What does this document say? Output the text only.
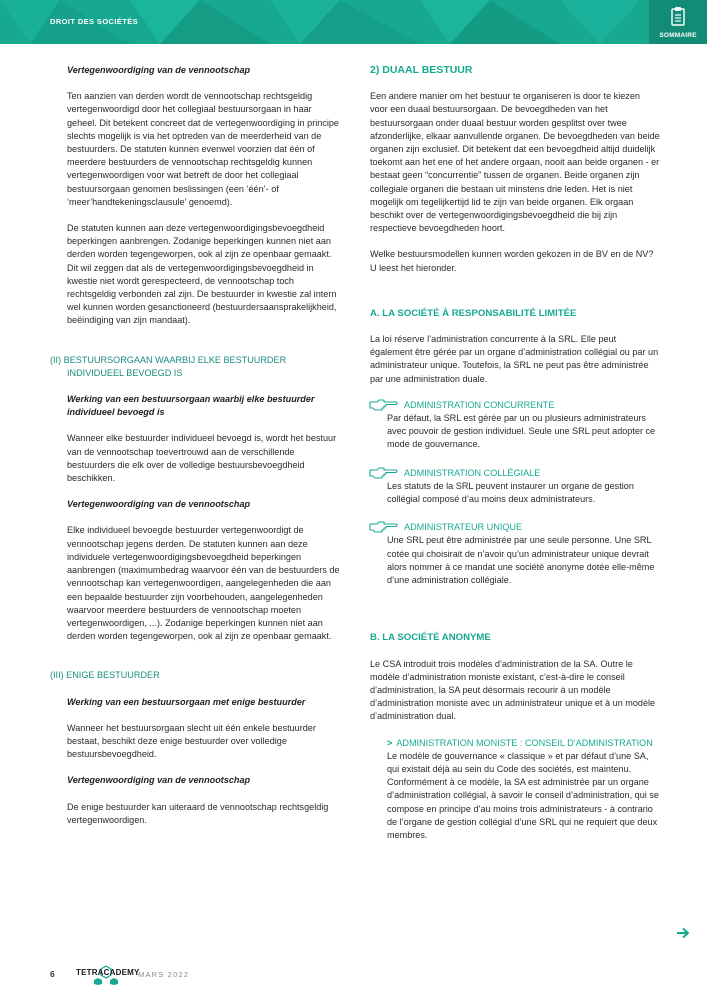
DROIT DES SOCIÉTÉS
SOMMAIRE
Vertegenwoordiging van de vennootschap
Ten aanzien van derden wordt de vennootschap rechtsgeldig vertegenwoordigd door het collegiaal bestuursorgaan in haar geheel. Dit betekent concreet dat de vertegenwoordiging in principe slechts mogelijk is via het optreden van de meerderheid van de bestuurders. De statuten kunnen evenwel voorzien dat één of meerdere bestuurders de vennootschap rechtsgeldig kunnen vertegenwoordigen voor wat betreft de door het collegiaal bestuursorgaan genomen beslissingen (een ‘één’- of ‘meer’handtekeningsclausule’ genoemd).
De statuten kunnen aan deze vertegenwoordigingsbevoegdheid beperkingen aanbrengen. Zodanige beperkingen kunnen niet aan derden worden tegengeworpen, ook al zijn ze openbaar gemaakt. Dit wil zeggen dat als de vertegenwoordigingsbevoegdheid in kwestie niet wordt gerespecteerd, de vennootschap toch rechtsgeldig verbonden zal zijn. De bestuurder in kwestie zal intern wel kunnen worden gesanctioneerd (bestuurdersaansprakelijkheid, beëindiging van zijn mandaat).
(II) BESTUURSORGAAN WAARBIJ ELKE BESTUURDER INDIVIDUEEL BEVOEGD IS
Werking van een bestuursorgaan waarbij elke bestuurder individueel bevoegd is
Wanneer elke bestuurder individueel bevoegd is, wordt het bestuur van de vennootschap toevertrouwd aan de verschillende bestuurders die elk over de volledige bestuursbevoegdheid beschikken.
Vertegenwoordiging van de vennootschap
Elke individueel bevoegde bestuurder vertegenwoordigt de vennootschap jegens derden. De statuten kunnen aan deze individuele vertegenwoordigingsbevoegdheid beperkingen aanbrengen (maximumbedrag waarvoor één van de bestuurders de vennootschap kan vertegenwoordigen, aangelegenheden die aan een bepaalde bestuurder zijn voorbehouden, aangelegenheden waarvoor meerdere bestuurders de vennootschap moeten vertegenwoordigen, ...). Zodanige beperkingen kunnen niet aan derden worden tegengeworpen, ook al zijn ze openbaar gemaakt.
(III) ENIGE BESTUURDER
Werking van een bestuursorgaan met enige bestuurder
Wanneer het bestuursorgaan slecht uit één enkele bestuurder bestaat, beschikt deze enige bestuurder over volledige bestuursbevoegdheid.
Vertegenwoordiging van de vennootschap
De enige bestuurder kan uiteraard de vennootschap rechtsgeldig vertegenwoordigen.
2) DUAAL BESTUUR
Een andere manier om het bestuur te organiseren is door te kiezen voor een duaal bestuursorgaan. De bevoegdheden van het bestuursorgaan onder duaal bestuur worden gesplitst over twee afzonderlijke, elkaar aanvullende organen. De bevoegdheden van beide organen zijn exclusief. Dit betekent dat een bevoegdheid altijd duidelijk toekomt aan het ene of het andere orgaan, nooit aan beide organen - er bestaat geen “concurrentie” tussen de organen. Beide organen zijn collegiale organen die bestaan uit minstens drie leden. Het is niet mogelijk om tegelijkertijd lid te zijn van beide organen. Elk orgaan beschikt over de vertegenwoordigingsbevoegdheid die bij zijn respectieve bevoegdheden hoort.
Welke bestuursmodellen kunnen worden gekozen in de BV en de NV? U leest het hieronder.
A. LA SOCIÉTÉ À RESPONSABILITÉ LIMITÉE
La loi réserve l’administration concurrente à la SRL. Elle peut également être gérée par un organe d’administration collégial ou par un administrateur unique. Toutefois, la SRL ne peut pas être administrée par une administration duale.
ADMINISTRATION CONCURRENTE
Par défaut, la SRL est gérée par un ou plusieurs administrateurs avec pouvoir de gestion individuel. Seule une SRL peut adopter ce mode de gouvernance.
ADMINISTRATION COLLÉGIALE
Les statuts de la SRL peuvent instaurer un organe de gestion collégial composé d’au moins deux administrateurs.
ADMINISTRATEUR UNIQUE
Une SRL peut être administrée par une seule personne. Une SRL cotée qui choisirait de n’avoir qu’un administrateur unique devrait alors nommer à ce mandat une société anonyme dotée elle-même d’une administration collégiale.
B. LA SOCIÉTÉ ANONYME
Le CSA introduit trois modèles d’administration de la SA. Outre le modèle d’administration moniste existant, c’est-à-dire le conseil d’administration, la SA peut désormais recourir à un modèle d’administration moniste avec un administrateur unique et à un modèle d’administration dual.
> ADMINISTRATION MONISTE : CONSEIL D’ADMINISTRATION
Le modèle de gouvernance « classique » et par défaut d’une SA, qui existait déjà au sein du Code des sociétés, est maintenu. Conformément à ce modèle, la SA est administrée par un organe d’administration collégial, à savoir le conseil d’administration, qui se compose en principe d’au moins trois administrateurs - à contrario de l’organe de gestion collégial d’une SRL qui ne requiert que deux membres.
6	TETRACADEMY
MARS 2022
